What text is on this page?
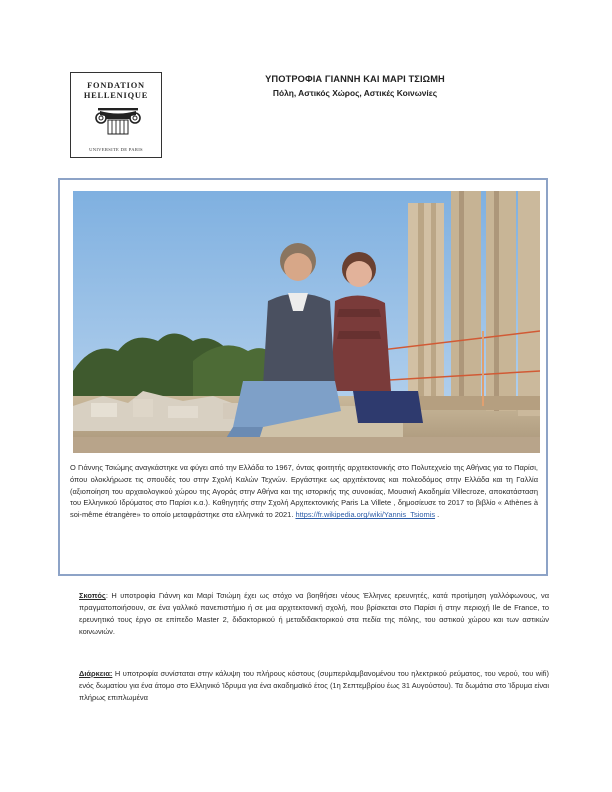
FONDATION
HELLENIQUE
UNIVERSITE DE PARIS
ΥΠΟΤΡΟΦΙΑ ΓΙΑΝΝΗ ΚΑΙ ΜΑΡΙ ΤΣΙΩΜΗ
Πόλη, Αστικός Χώρος, Αστικές Κοινωνίες
Ο Γιάννης Τσιώμης αναγκάστηκε να φύγει από την Ελλάδα το 1967, όντας φοιτητής αρχιτεκτονικής στο Πολυτεχνείο της Αθήνας για το Παρίσι, όπου ολοκλήρωσε τις σπουδές του στην Σχολή Καλών Τεχνών. Εργάστηκε ως αρχιτέκτονας και πολεοδόμος στην Ελλάδα και τη Γαλλία (αξιοποίηση του αρχαιολογικού χώρου της Αγοράς στην Αθήνα και της ιστορικής της συνοικίας, Μουσική Ακαδημία Villecroze, αποκατάσταση του Ελληνικού Ιδρύματος στο Παρίσι κ.α.). Καθηγητής στην Σχολή Αρχιτεκτονικής Paris La Villete , δημοσίευσε το 2017 το βιβλίο « Athènes à soi-même étrangère» το οποίο μεταφράστηκε στα ελληνικά το 2021. https://fr.wikipedia.org/wiki/Yannis_Tsiomis .
Σκοπός: Η υποτροφία Γιάννη και Μαρί Τσιώμη έχει ως στόχο να βοηθήσει νέους Έλληνες ερευνητές, κατά προτίμηση γαλλόφωνους, να πραγματοποιήσουν, σε ένα γαλλικό πανεπιστήμιο ή σε μια αρχιτεκτονική σχολή, που βρίσκεται στο Παρίσι ή στην περιοχή Ile de France, το ερευνητικό τους έργο σε επίπεδο Master 2, διδακτορικού ή μεταδιδακτορικού στα πεδία της πόλης, του αστικού χώρου και των αστικών κοινωνιών.
Διάρκεια: Η υποτροφία συνίσταται στην κάλυψη του πλήρους κόστους (συμπεριλαμβανομένου του ηλεκτρικού ρεύματος, του νερού, του wifi) ενός δωματίου για ένα άτομο στο Ελληνικό Ίδρυμα για ένα ακαδημαϊκό έτος (1η Σεπτεμβρίου έως 31 Αυγούστου). Τα δωμάτια στο Ίδρυμα είναι πλήρως επιπλωμένα
